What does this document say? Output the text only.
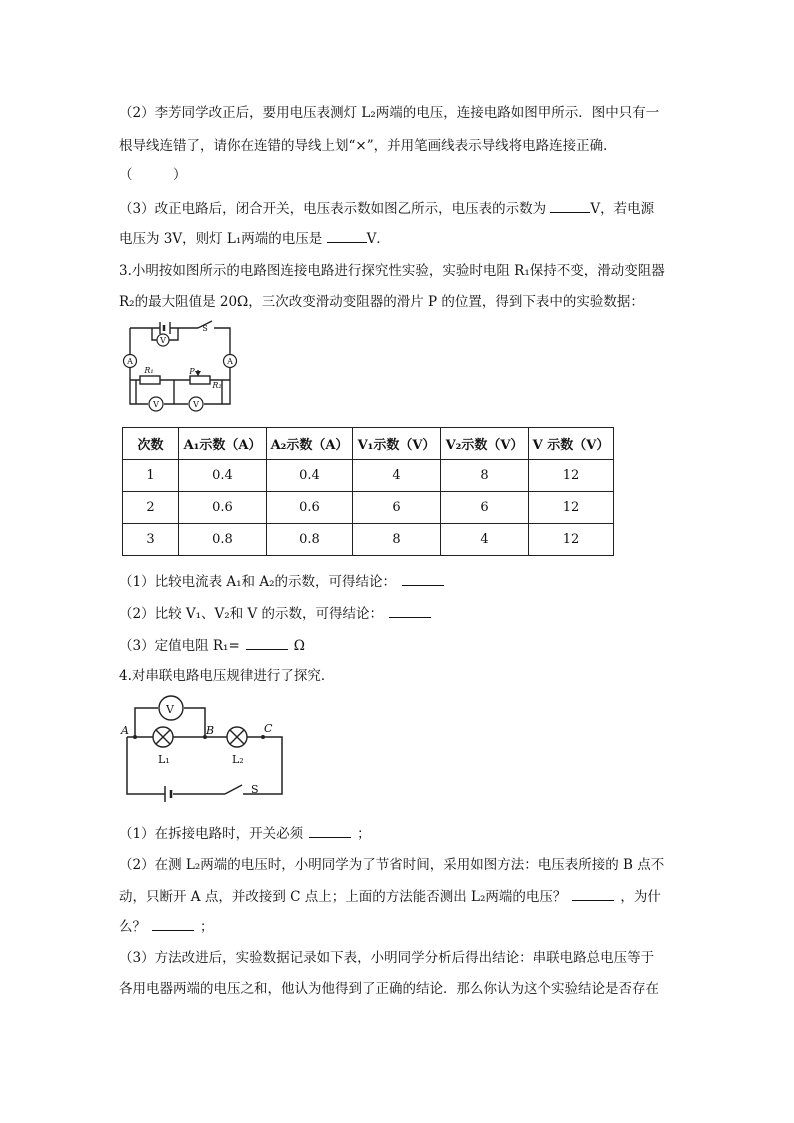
（2）李芳同学改正后，要用电压表测灯 L₂两端的电压，连接电路如图甲所示．图中只有一
根导线连错了，请你在连错的导线上划“×”，并用笔画线表示导线将电路连接正确．
（　　　）
（3）改正电路后，闭合开关，电压表示数如图乙所示，电压表的示数为	V，若电源
电压为 3V，则灯 L₁两端的电压是	V．
3.小明按如图所示的电路图连接电路进行探究性实验，实验时电阻 R₁保持不变，滑动变阻器
R₂的最大阻值是 20Ω，三次改变滑动变阻器的滑片 P 的位置，得到下表中的实验数据：
V
A	A
V	V
S
R₁
R₂
P
次数	A₁示数（A）	A₂示数（A）	V₁示数（V）	V₂示数（V）	V 示数（V）
1	0.4	0.4	4	8	12
2	0.6	0.6	6	6	12
3	0.8	0.8	8	4	12
（1）比较电流表 A₁和 A₂的示数，可得结论：
（2）比较 V₁、V₂和 V 的示数，可得结论：
（3）定值电阻 R₁=	Ω
4.对串联电路电压规律进行了探究．
V
A	B	C
L₁	L₂
S
（1）在拆接电路时，开关必须	；
（2）在测 L₂两端的电压时，小明同学为了节省时间，采用如图方法：电压表所接的 B 点不
动，只断开 A 点，并改接到 C 点上；上面的方法能否测出 L₂两端的电压？	，为什
么？	；
（3）方法改进后，实验数据记录如下表，小明同学分析后得出结论：串联电路总电压等于
各用电器两端的电压之和，他认为他得到了正确的结论．那么你认为这个实验结论是否存在
